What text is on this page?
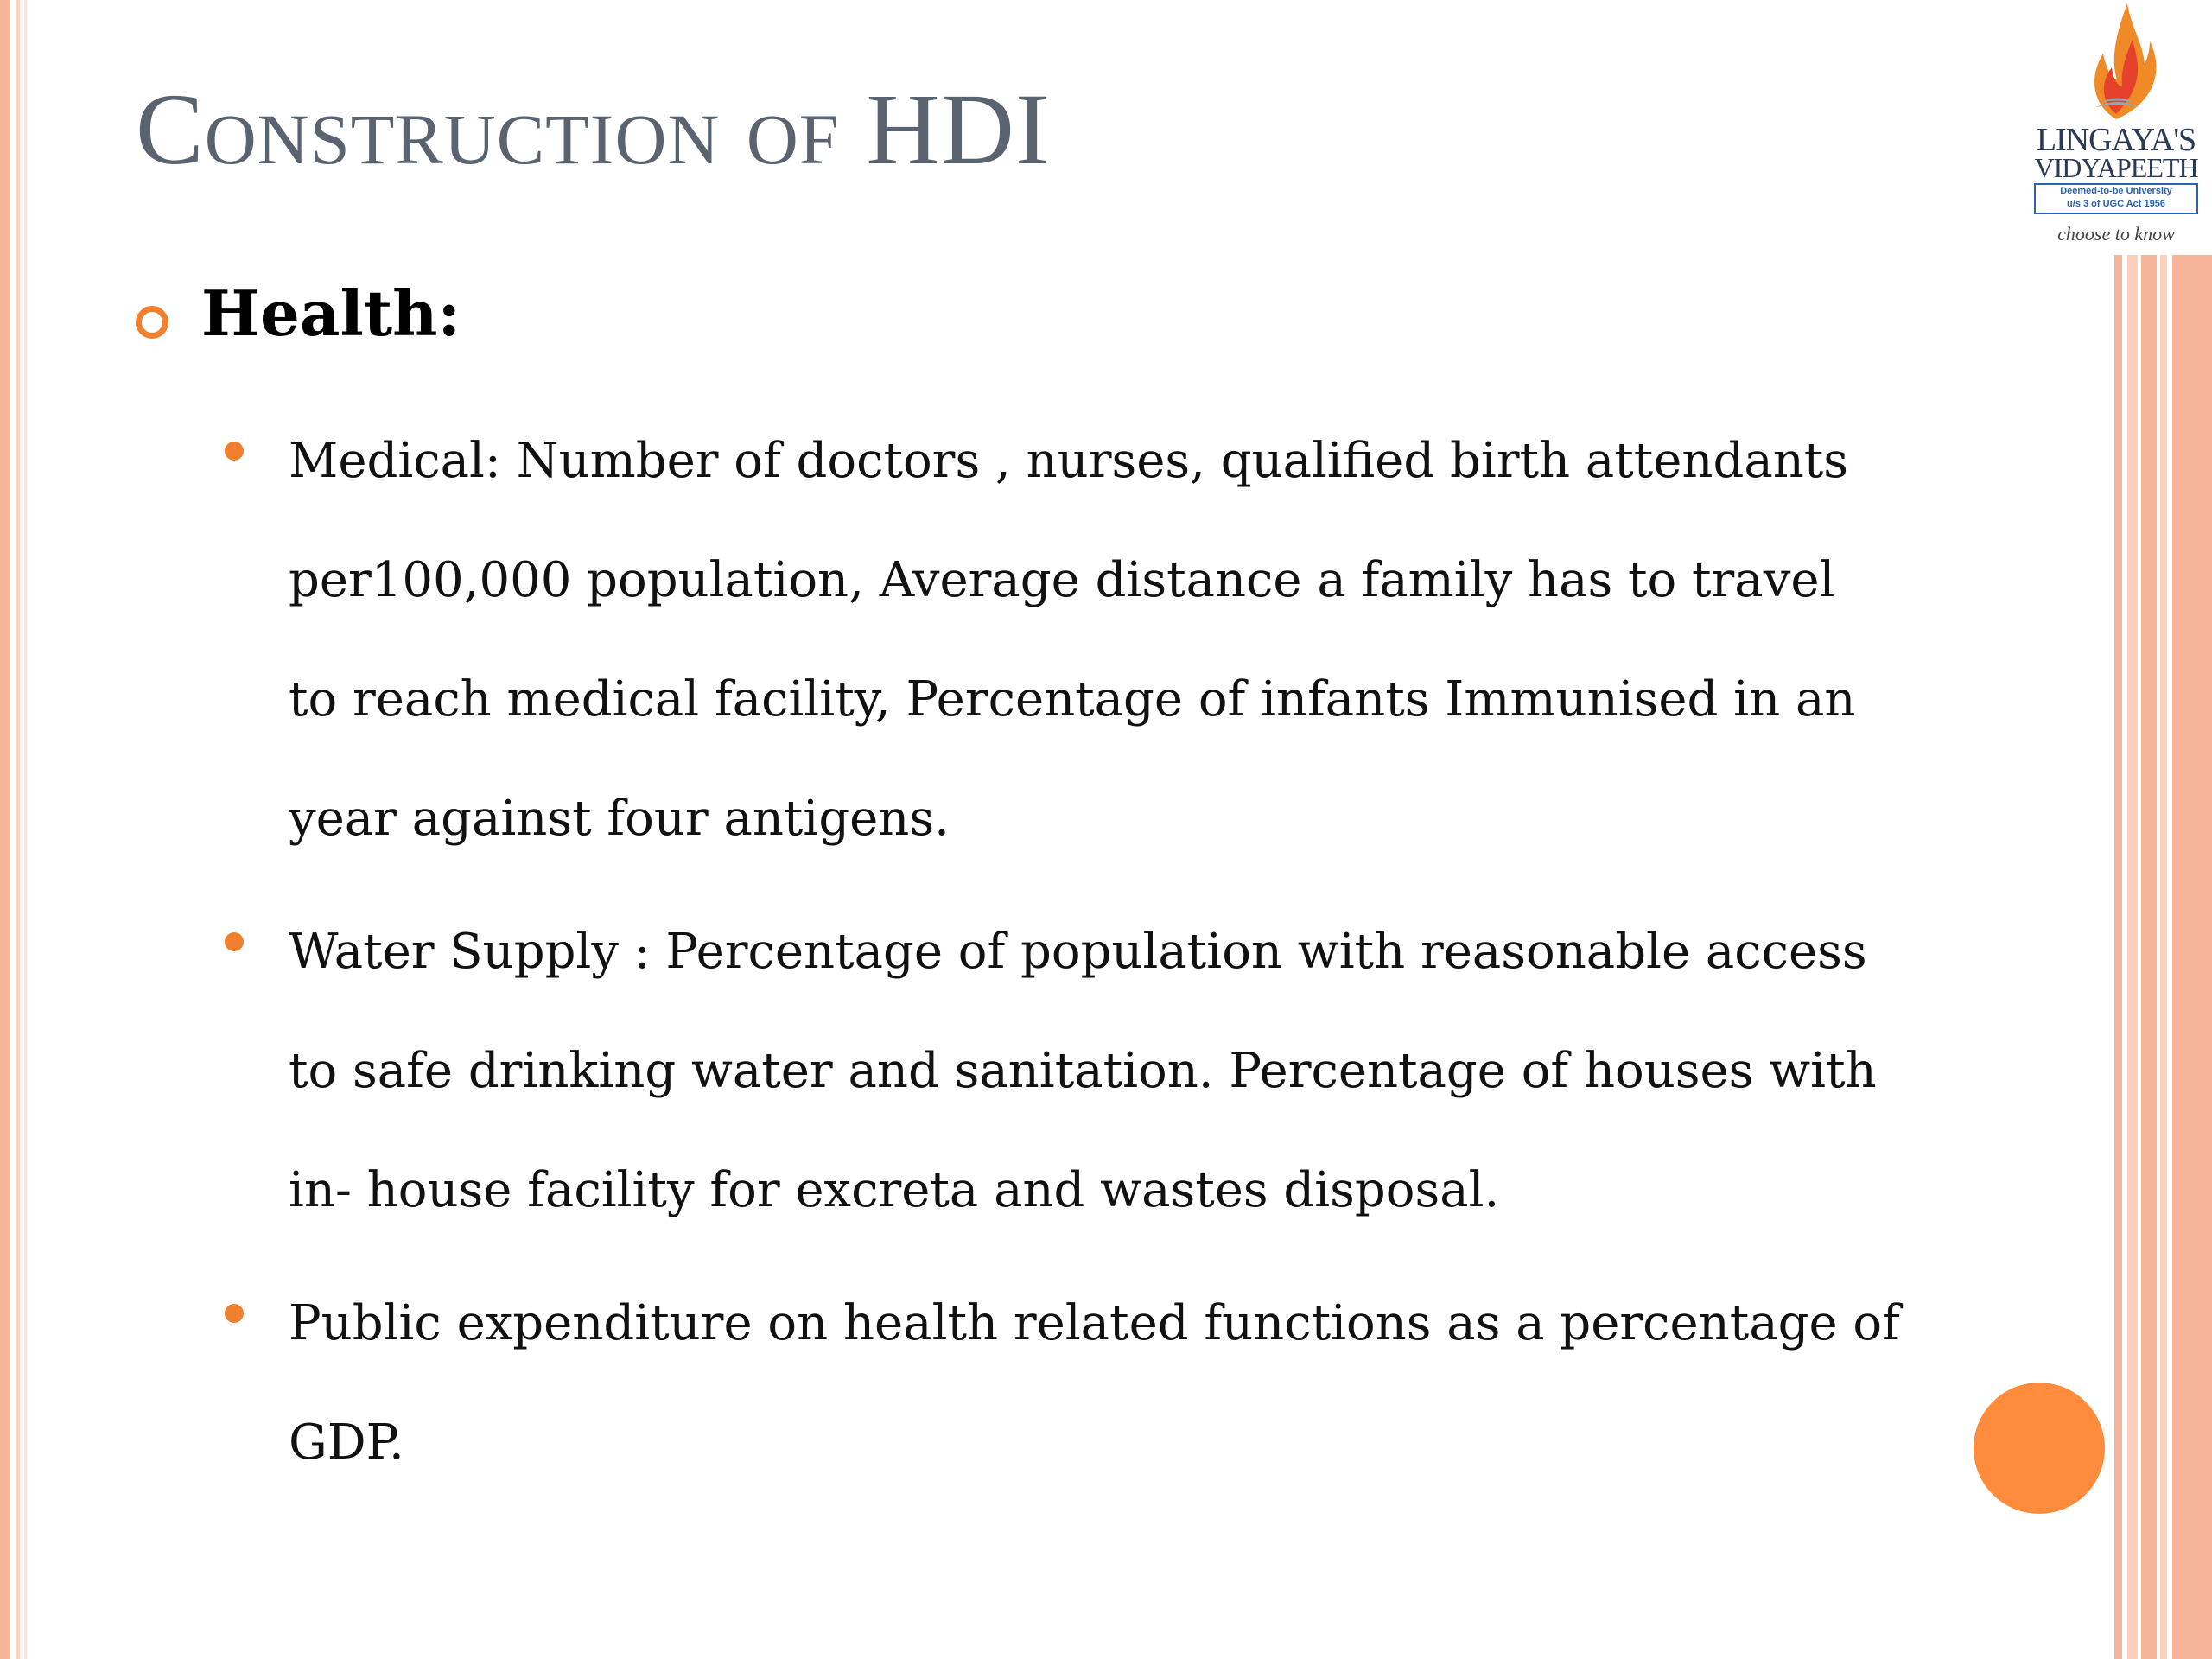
Construction of HDI	LINGAYA'S
VIDYAPEETH
Deemed-to-be University
u/s 3 of UGC Act 1956
choose to know
Health:

Medical: Number of doctors , nurses, qualified birth attendants

per100,000 population, Average distance a family has to travel

to reach medical facility, Percentage of infants Immunised in an

year against four antigens.

Water Supply : Percentage of population with reasonable access

to safe drinking water and sanitation. Percentage of houses with

in- house facility for excreta and wastes disposal.

Public expenditure on health related functions as a percentage of

GDP.
